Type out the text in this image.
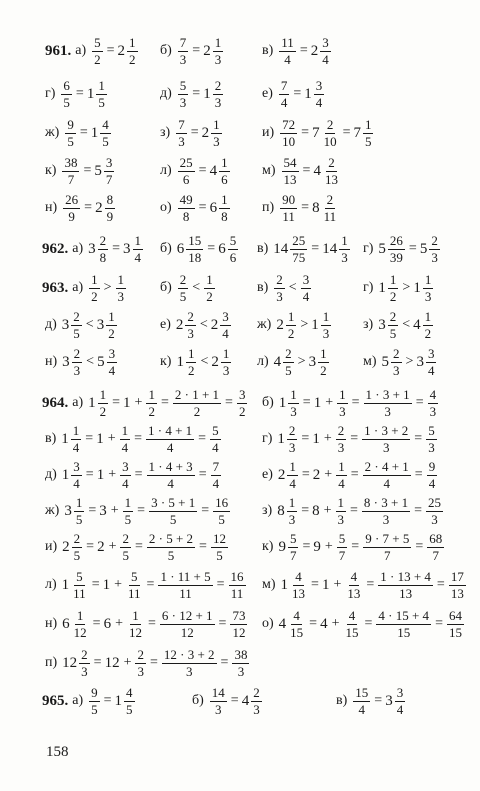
961. $а) \frac{5}{2} = 2 \frac{1}{2} б) \frac{7}{3} = 2 \frac{1}{3}$	$в) \frac{11}{4} = 2 \frac{3}{4}$
$г) \frac{6}{5} = 1 \frac{1}{5}$	$д) \frac{5}{3} = 1 \frac{2}{3}$	$е) \frac{7}{4} = 1 \frac{3}{4}$
$ж) \frac{9}{5} = 1 \frac{4}{5}$	$з) \frac{7}{3} = 2 \frac{1}{3}$	$и) \frac{72}{10} = 7 \frac{2}{10} = 7 \frac{1}{5}$
$к) \frac{38}{7} = 5 \frac{3}{7}$	$л) \frac{25}{6} = 4 \frac{1}{6} м) \frac{54}{13} = 4 \frac{2}{13}$
$н) \frac{26}{9} = 2 \frac{8}{9}$	$о) \frac{49}{8} = 6 \frac{1}{8} п) \frac{90}{11} = 8 \frac{2}{11}$
962. а) $3 \frac{2}{8} = 3 \frac{1}{4} б$) $6 \frac{15}{18} = 6 \frac{5}{6} в$) $14 \frac{25}{75} = 14 \frac{1}{3} г$) $5 \frac{26}{39} = 5 \frac{2}{3}$
963. $а) \frac{1}{2} > \frac{1}{3} б) \frac{2}{5} < \frac{1}{2}$	$в) \frac{2}{3} < \frac{3}{4}$	г) $1 \frac{1}{2} > 1 \frac{1}{3}$
д) $3 \frac{2}{5} < 3 \frac{1}{2}$	е) $2 \frac{2}{3} < 2 \frac{3}{4} ж$) $2 \frac{1}{2} > 1 \frac{1}{3} з$) $3 \frac{2}{5} < 4 \frac{1}{2}$
н) $3 \frac{2}{3} < 5 \frac{3}{4}$	к) $1 \frac{1}{2} < 2 \frac{1}{3} л$) $4 \frac{2}{5} > 3 \frac{1}{2} м$) $5 \frac{2}{3} > 3 \frac{3}{4}$
964. а) $1 \frac{1}{2} = 1 + \frac{1}{2} = \frac{2 \cdot 1 + 1}{2} = \frac{3}{2} б$) $1 \frac{1}{3} = 1 + \frac{1}{3} = \frac{1 \cdot 3 + 1}{3} = \frac{4}{3}$
в) $1 \frac{1}{4} = 1 + \frac{1}{4} = \frac{1 \cdot 4 + 1}{4} = \frac{5}{4}$	г) $1 \frac{2}{3} = 1 + \frac{2}{3} = \frac{1 \cdot 3 + 2}{3} = \frac{5}{3}$
д) $1 \frac{3}{4} = 1 + \frac{3}{4} = \frac{1 \cdot 4 + 3}{4} = \frac{7}{4}$	е) $2 \frac{1}{4} = 2 + \frac{1}{4} = \frac{2 \cdot 4 + 1}{4} = \frac{9}{4}$
ж) $3 \frac{1}{5} = 3 + \frac{1}{5} = \frac{3 \cdot 5 + 1}{5} = \frac{16}{5} з$) $8 \frac{1}{3} = 8 + \frac{1}{3} = \frac{8 \cdot 3 + 1}{3} = \frac{25}{3}$
и) $2 \frac{2}{5} = 2 + \frac{2}{5} = \frac{2 \cdot 5 + 2}{5} = \frac{12}{5} к$) $9 \frac{5}{7} = 9 + \frac{5}{7} = \frac{9 \cdot 7 + 5}{7} = \frac{68}{7}$
л) $1 \frac{5}{11} = 1 + \frac{5}{11} = \frac{1 \cdot 11 + 5}{11} = \frac{16}{11} м$) $1 \frac{4}{13} = 1 + \frac{4}{13} = \frac{1 \cdot 13 + 4}{13} = \frac{17}{13}$
н) $6 \frac{1}{12} = 6 + \frac{1}{12} = \frac{6 \cdot 12 + 1}{12} = \frac{73}{12} о$) $4 \frac{4}{15} = 4 + \frac{4}{15} = \frac{4 \cdot 15 + 4}{15} = \frac{64}{15}$
п) $12 \frac{2}{3} = 12 + \frac{2}{3} = \frac{12 \cdot 3 + 2}{3} = \frac{38}{3}$
965. $а) \frac{9}{5} = 1 \frac{4}{5}$	$б) \frac{14}{3} = 4 \frac{2}{3}$	$в) \frac{15}{4} = 3 \frac{3}{4}$
158
